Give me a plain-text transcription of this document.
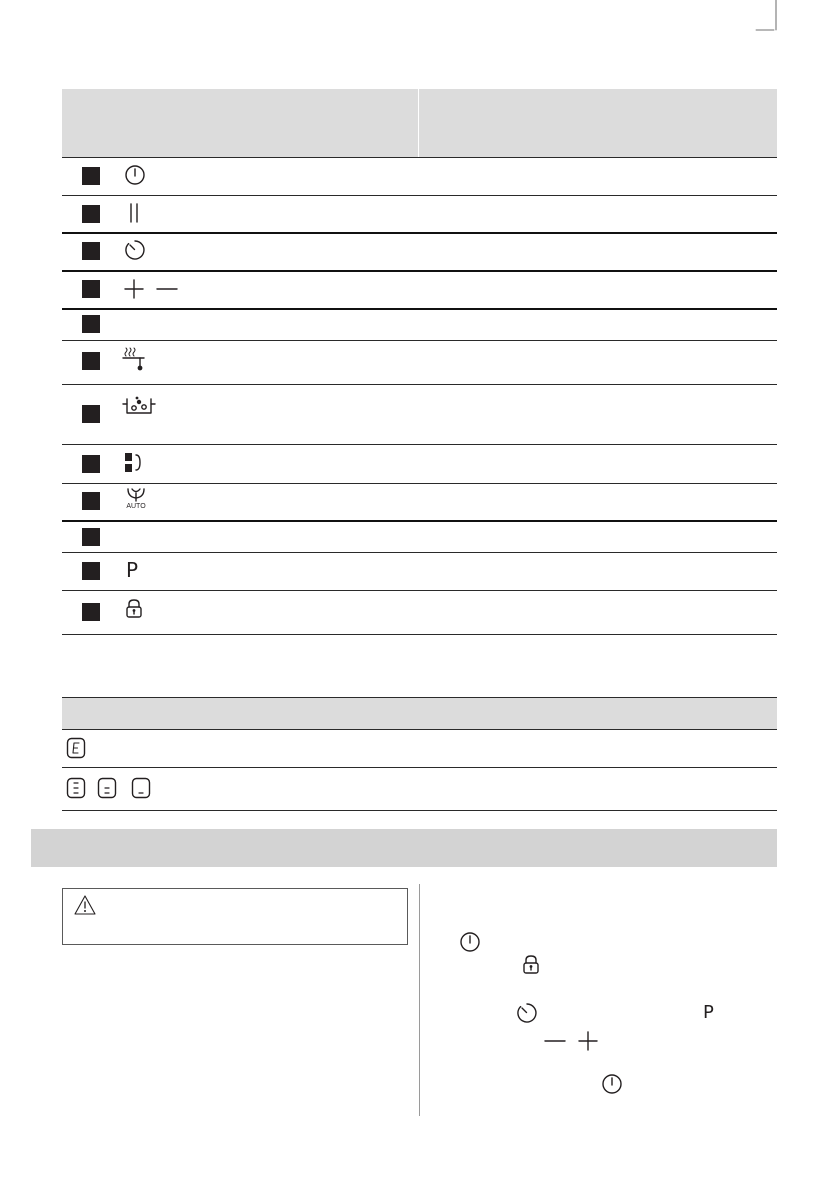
AUTO
P
P
